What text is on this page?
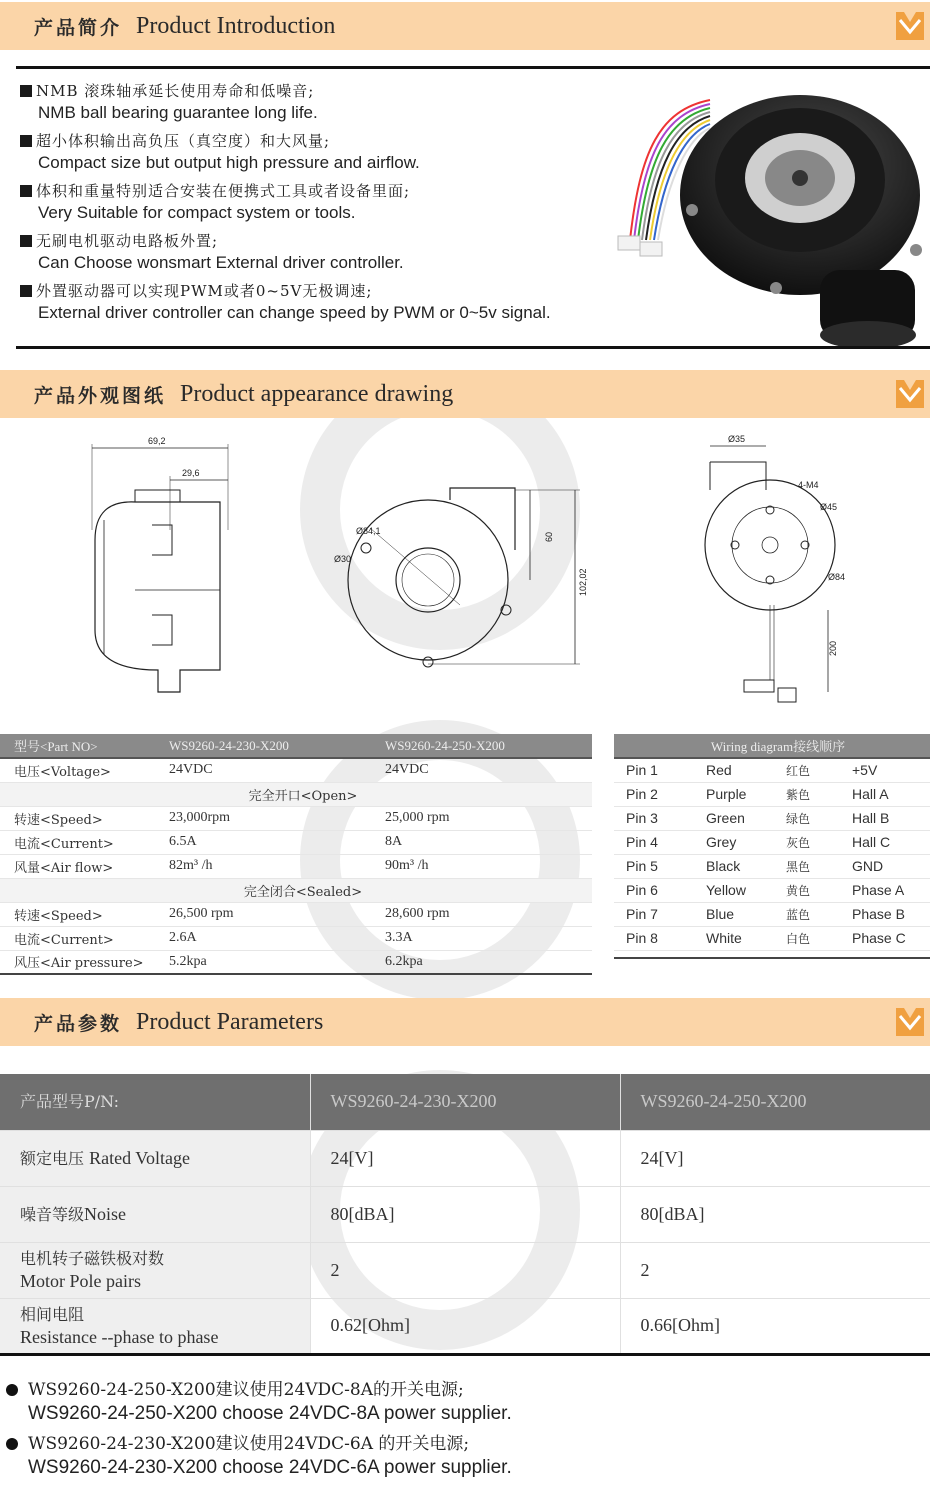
产品简介 Product Introduction
NMB 滚珠轴承延长使用寿命和低噪音;
NMB ball bearing guarantee long life.
超小体积输出高负压（真空度）和大风量;
Compact size but output high pressure and airflow.
体积和重量特别适合安装在便携式工具或者设备里面;
Very Suitable for compact system or tools.
无刷电机驱动电路板外置;
Can Choose wonsmart External driver controller.
外置驱动器可以实现PWM或者0~5V无极调速;
External driver controller can change speed by PWM or 0~5v signal.
产品外观图纸 Product appearance drawing
69,2
29,6
Ø84,1
Ø30
60
102,02
Ø35
4-M4
Ø45
Ø84
200
型号<Part NO>	WS9260-24-230-X200	WS9260-24-250-X200
电压<Voltage>	24VDC	24VDC
完全开口<Open>		
转速<Speed>	23,000rpm	25,000 rpm
电流<Current>	6.5A	8A
风量<Air flow>	82m³ /h	90m³ /h
完全闭合<Sealed>		
转速<Speed>	26,500 rpm	28,600 rpm
电流<Current>	2.6A	3.3A
风压<Air pressure>	5.2kpa	6.2kpa
Wiring diagram接线顺序			
Pin 1	Red	红色	+5V
Pin 2	Purple	紫色	Hall A
Pin 3	Green	绿色	Hall B
Pin 4	Grey	灰色	Hall C
Pin 5	Black	黑色	GND
Pin 6	Yellow	黄色	Phase A
Pin 7	Blue	蓝色	Phase B
Pin 8	White	白色	Phase C

产品参数 Product Parameters
产品型号P/N:	WS9260-24-230-X200	WS9260-24-250-X200
额定电压 Rated Voltage	24[V]	24[V]
噪音等级Noise	80[dBA]	80[dBA]

电机转子磁铁极对数
Motor Pole pairs	2	2

相间电阻
Resistance --phase to phase	0.62[Ohm]	0.66[Ohm]
WS9260-24-250-X200建议使用24VDC-8A的开关电源;
WS9260-24-250-X200 choose 24VDC-8A power supplier.
WS9260-24-230-X200建议使用24VDC-6A 的开关电源;
WS9260-24-230-X200 choose 24VDC-6A power supplier.
